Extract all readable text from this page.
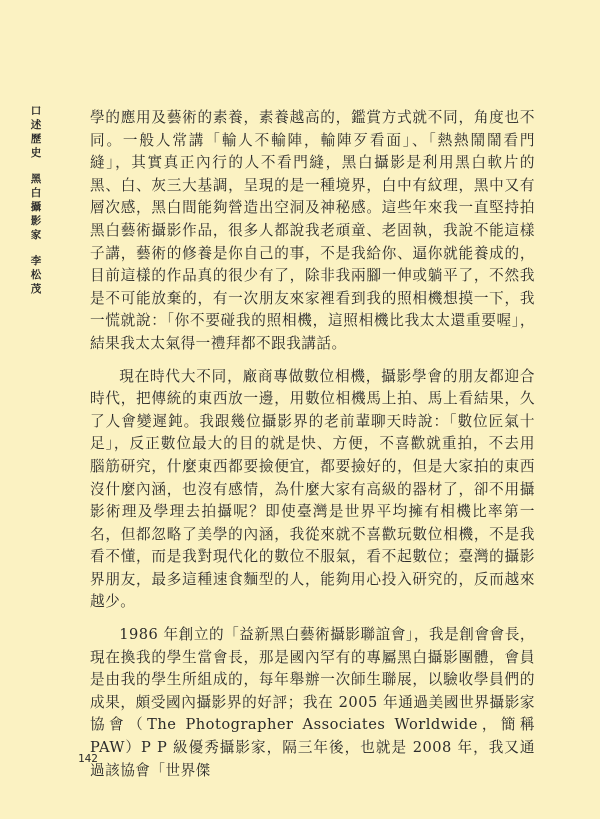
口述歷史
黑白攝影家
李松茂

學的應用及藝術的素養，素養越高的，鑑賞方式就不同，角度也不同。一般人常講「輸人不輸陣，輸陣歹看面」、「熱熱鬧鬧看門縫」，其實真正內行的人不看門縫，黑白攝影是利用黑白軟片的黑、白、灰三大基調，呈現的是一種境界，白中有紋理，黑中又有層次感，黑白間能夠營造出空洞及神秘感。這些年來我一直堅持拍黑白藝術攝影作品，很多人都說我老頑童、老固執，我說不能這樣子講，藝術的修養是你自己的事，不是我給你、逼你就能養成的，目前這樣的作品真的很少有了，除非我兩腳一伸或躺平了，不然我是不可能放棄的，有一次朋友來家裡看到我的照相機想摸一下，我一慌就說：「你不要碰我的照相機，這照相機比我太太還重要喔」，結果我太太氣得一禮拜都不跟我講話。

現在時代大不同，廠商專做數位相機，攝影學會的朋友都迎合時代，把傳統的東西放一邊，用數位相機馬上拍、馬上看結果，久了人會變遲鈍。我跟幾位攝影界的老前輩聊天時說：「數位匠氣十足」，反正數位最大的目的就是快、方便，不喜歡就重拍，不去用腦筋研究，什麼東西都要撿便宜，都要撿好的，但是大家拍的東西沒什麼內涵，也沒有感情，為什麼大家有高級的器材了，卻不用攝影術理及學理去拍攝呢？即使臺灣是世界平均擁有相機比率第一名，但都忽略了美學的內涵，我從來就不喜歡玩數位相機，不是我看不懂，而是我對現代化的數位不服氣，看不起數位；臺灣的攝影界朋友，最多這種速食麵型的人，能夠用心投入研究的，反而越來越少。

1986 年創立的「益新黑白藝術攝影聯誼會」，我是創會會長，現在換我的學生當會長，那是國內罕有的專屬黑白攝影團體，會員是由我的學生所組成的，每年舉辦一次師生聯展，以驗收學員們的成果，頗受國內攝影界的好評；我在 2005 年通過美國世界攝影家協會（The Photographer Associates Worldwide，簡稱PAW）P P 級優秀攝影家，隔三年後，也就是 2008 年，我又通過該協會「世界傑

142
